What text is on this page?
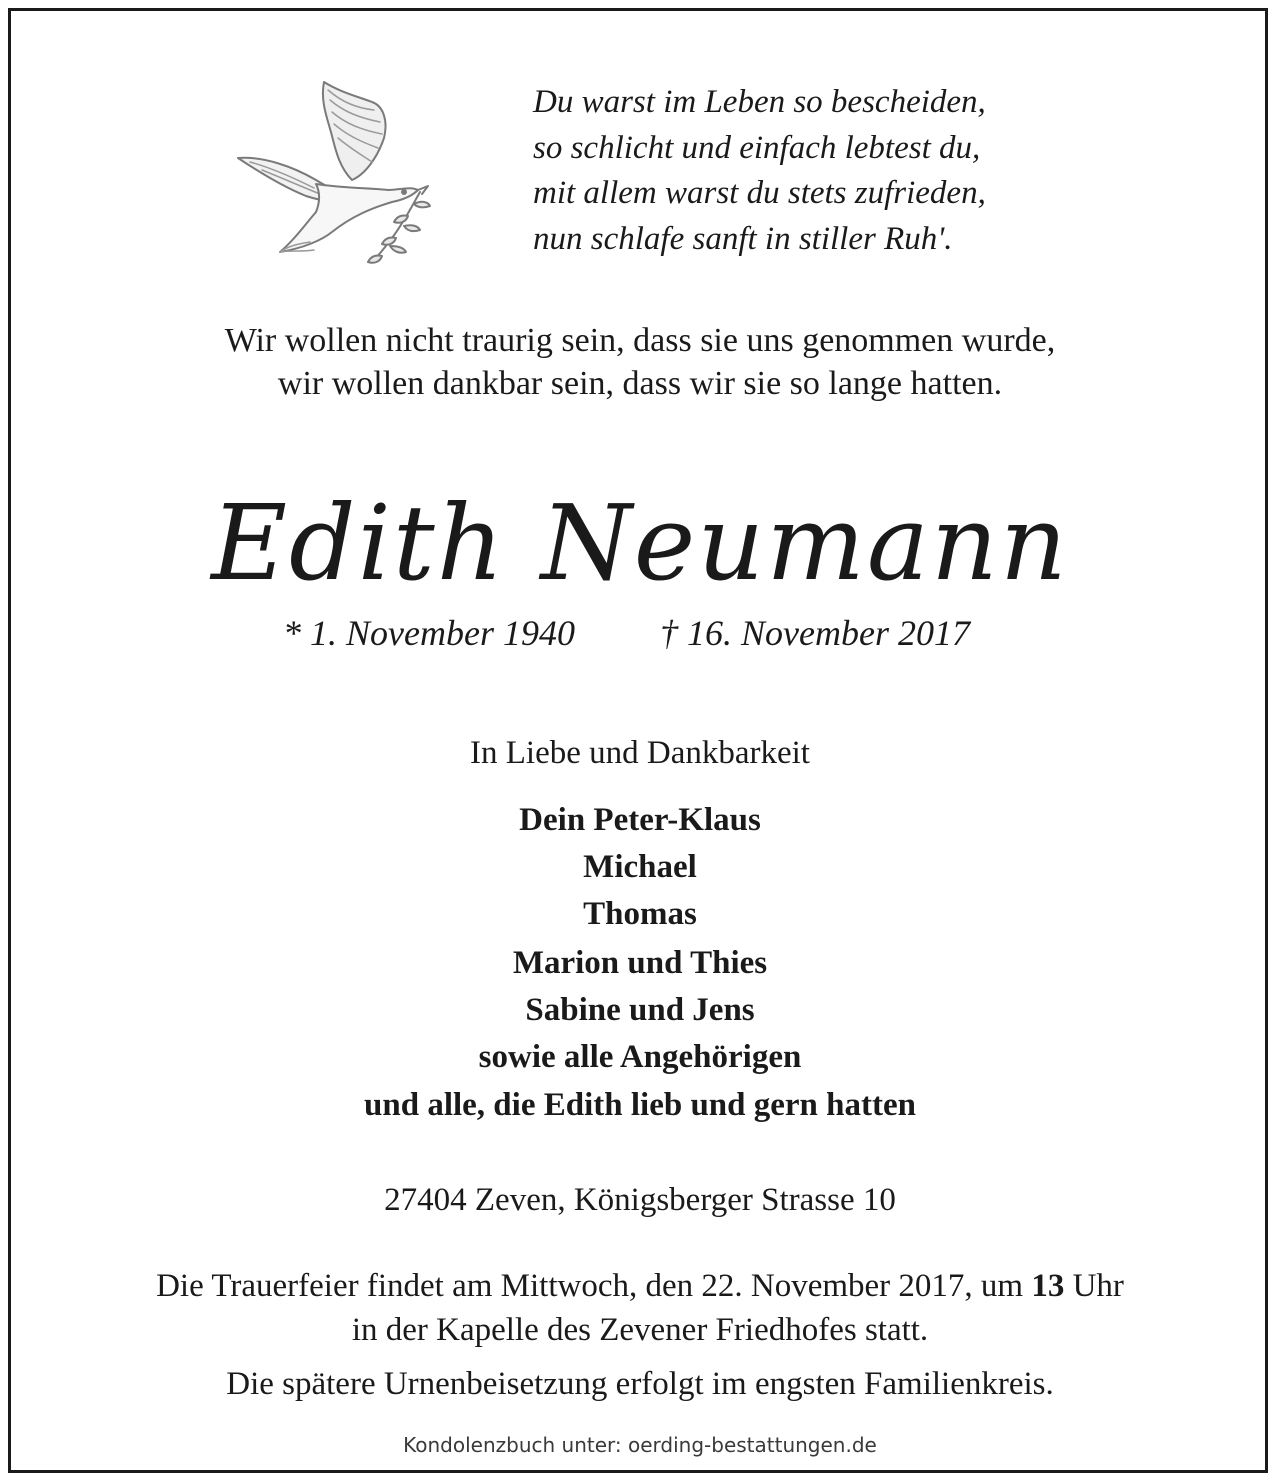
Du warst im Leben so bescheiden,
so schlicht und einfach lebtest du,
mit allem warst du stets zufrieden,
nun schlafe sanft in stiller Ruh'.
Wir wollen nicht traurig sein, dass sie uns genommen wurde,
wir wollen dankbar sein, dass wir sie so lange hatten.
Edith Neumann
* 1. November 1940 † 16. November 2017
In Liebe und Dankbarkeit
Dein Peter-Klaus
Michael
Thomas
Marion und Thies
Sabine und Jens
sowie alle Angehörigen
und alle, die Edith lieb und gern hatten
27404 Zeven, Königsberger Strasse 10
Die Trauerfeier findet am Mittwoch, den 22. November 2017, um 13 Uhr
in der Kapelle des Zevener Friedhofes statt.
Die spätere Urnenbeisetzung erfolgt im engsten Familienkreis.
Kondolenzbuch unter: oerding-bestattungen.de
